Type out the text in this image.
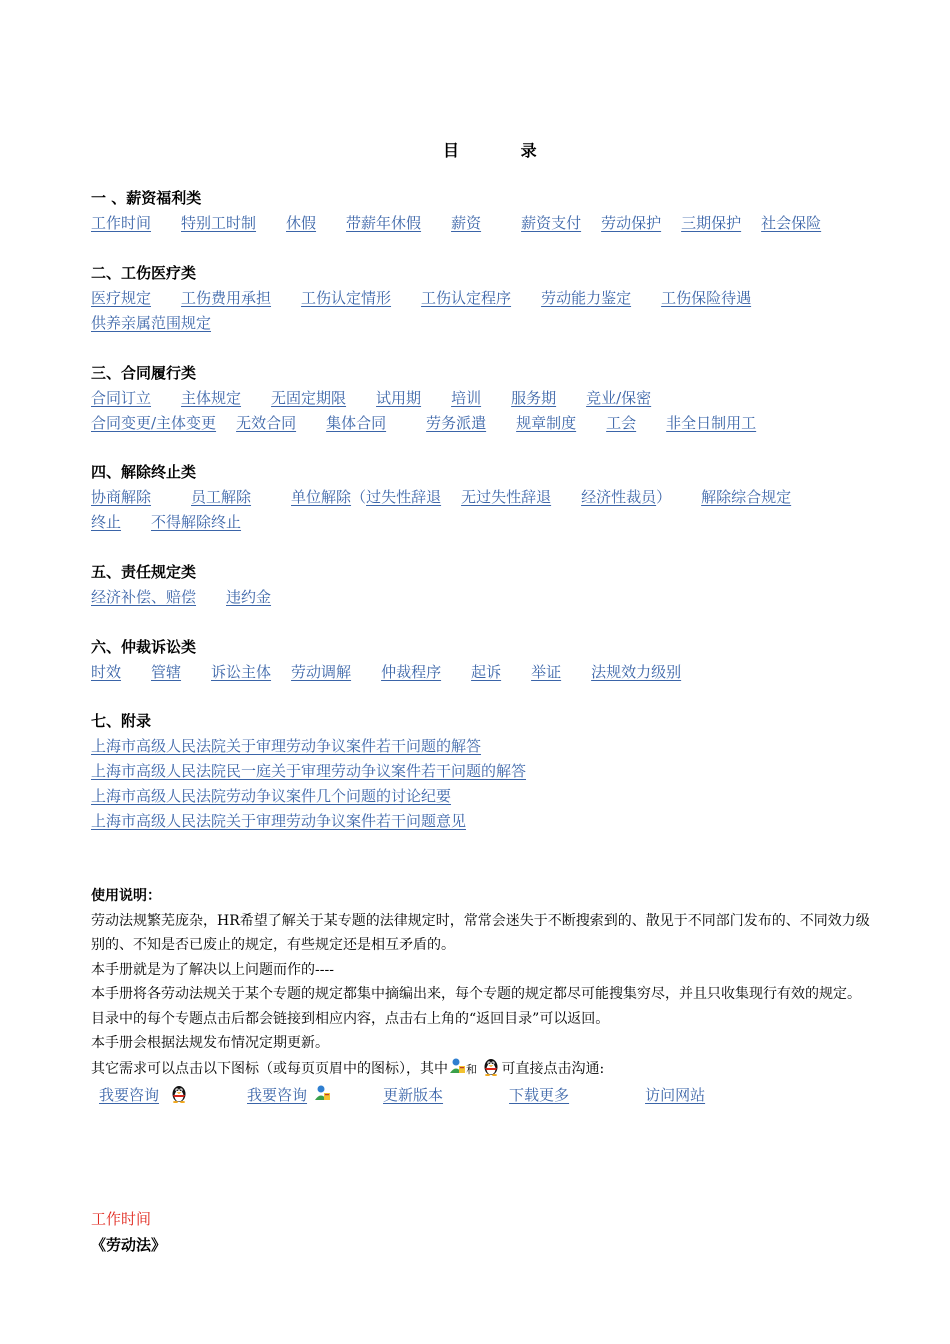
目 录
一 、薪资福利类
工作时间 特别工时制 休假 带薪年休假 薪资	薪资支付 劳动保护 三期保护 社会保险
二、工伤医疗类
医疗规定 工伤费用承担 工伤认定情形 工伤认定程序 劳动能力鉴定 工伤保险待遇
供养亲属范围规定
三、合同履行类
合同订立 主体规定 无固定期限 试用期 培训 服务期 竞业/保密
合同变更/主体变更 无效合同 集体合同	劳务派遣 规章制度 工会 非全日制用工
四、解除终止类
协商解除	员工解除	单位解除（过失性辞退 无过失性辞退 经济性裁员） 解除综合规定
终止 不得解除终止
五、责任规定类
经济补偿、赔偿 违约金
六、仲裁诉讼类
时效 管辖 诉讼主体 劳动调解 仲裁程序 起诉 举证 法规效力级别
七、附录
上海市高级人民法院关于审理劳动争议案件若干问题的解答
上海市高级人民法院民一庭关于审理劳动争议案件若干问题的解答
上海市高级人民法院劳动争议案件几个问题的讨论纪要
上海市高级人民法院关于审理劳动争议案件若干问题意见
使用说明：

劳动法规繁芜庞杂，HR希望了解关于某专题的法律规定时，常常会迷失于不断搜索到的、散见于不同部门发布的、不同效力级别的、不知是否已废止的规定，有些规定还是相互矛盾的。

本手册就是为了解决以上问题而作的----

本手册将各劳动法规关于某个专题的规定都集中摘编出来，每个专题的规定都尽可能搜集穷尽，并且只收集现行有效的规定。

目录中的每个专题点击后都会链接到相应内容，点击右上角的“返回目录”可以返回。

本手册会根据法规发布情况定期更新。

其它需求可以点击以下图标（或每页页眉中的图标），其中 和 可直接点击沟通:

我要咨询	我要咨询	更新版本	下载更多	访问网站
工作时间
《劳动法》
